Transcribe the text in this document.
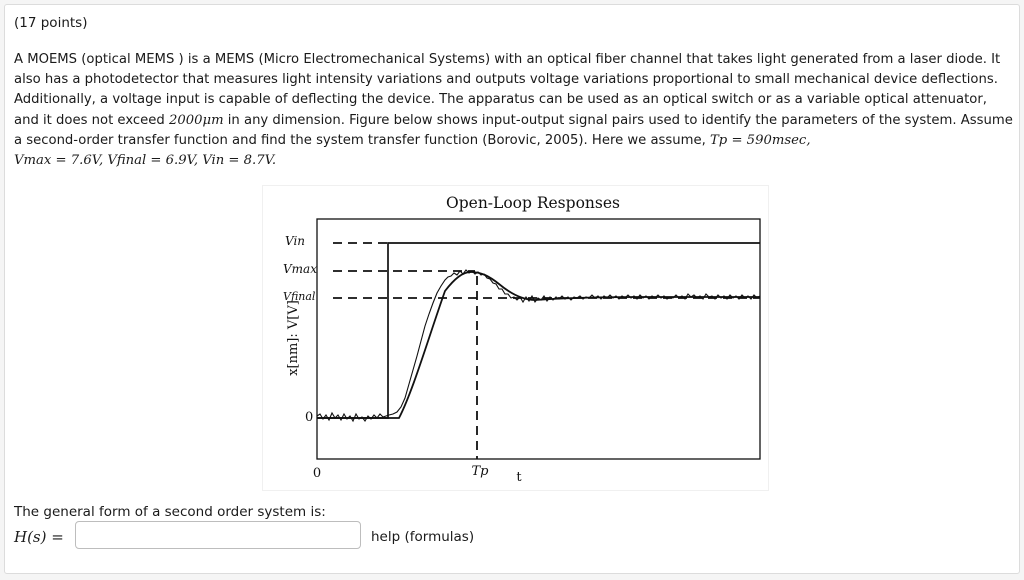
(17 points)
A MOEMS (optical MEMS ) is a MEMS (Micro Electromechanical Systems) with an optical fiber channel that takes light generated from a laser diode. It also has a photodetector that measures light intensity variations and outputs voltage variations proportional to small mechanical device deflections. Additionally, a voltage input is capable of deflecting the device. The apparatus can be used as an optical switch or as a variable optical attenuator, and it does not exceed 2000μm in any dimension. Figure below shows input-output signal pairs used to identify the parameters of the system. Assume a second-order transfer function and find the system transfer function (Borovic, 2005). Here we assume, Tp = 590msec,
Vmax = 7.6V, Vfinal = 6.9V, Vin = 8.7V.
Open-Loop Responses
Vin
Vmax
Vfinal
0
x[nm]: V[V]
0	Tp t
The general form of a second order system is:
H(s) =	help (formulas)
